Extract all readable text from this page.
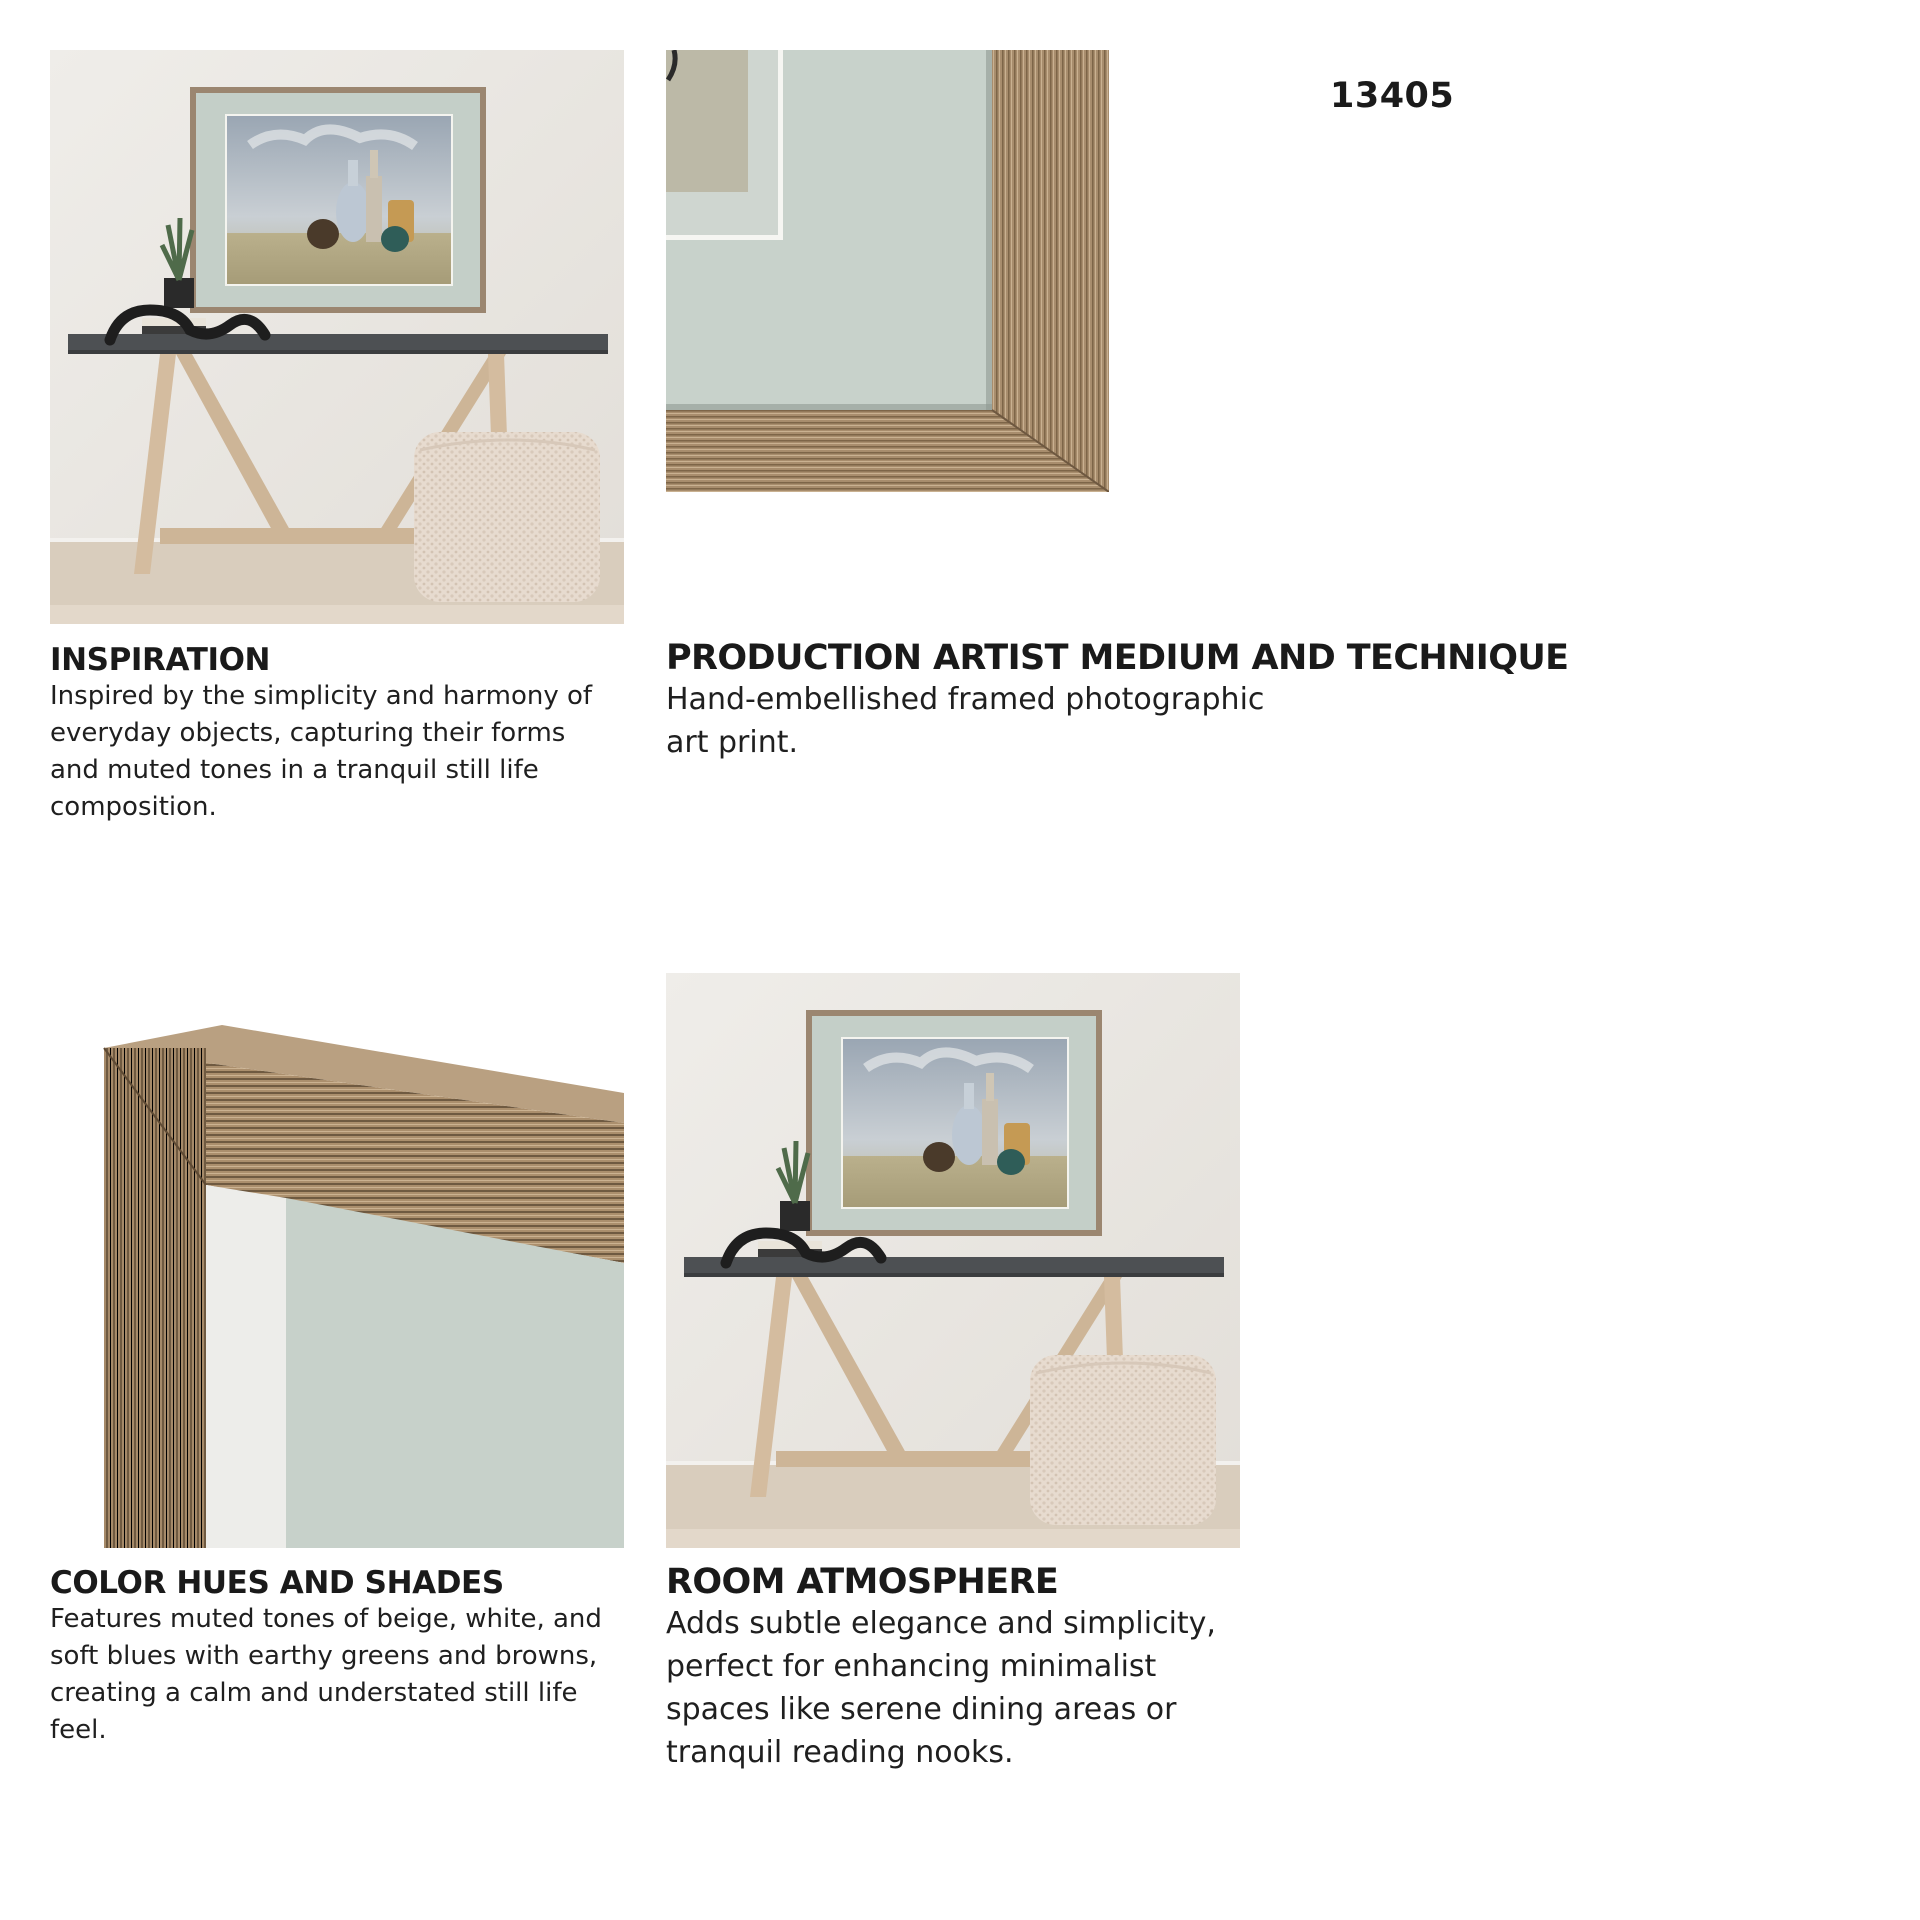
13405
INSPIRATION
Inspired by the simplicity and harmony of everyday objects, capturing their forms and muted tones in a tranquil still life composition.
PRODUCTION ARTIST MEDIUM AND TECHNIQUE
Hand-embellished framed photographic art print.
COLOR HUES AND SHADES
Features muted tones of beige, white, and soft blues with earthy greens and browns, creating a calm and understated still life feel.
ROOM ATMOSPHERE
Adds subtle elegance and simplicity, perfect for enhancing minimalist spaces like serene dining areas or tranquil reading nooks.
